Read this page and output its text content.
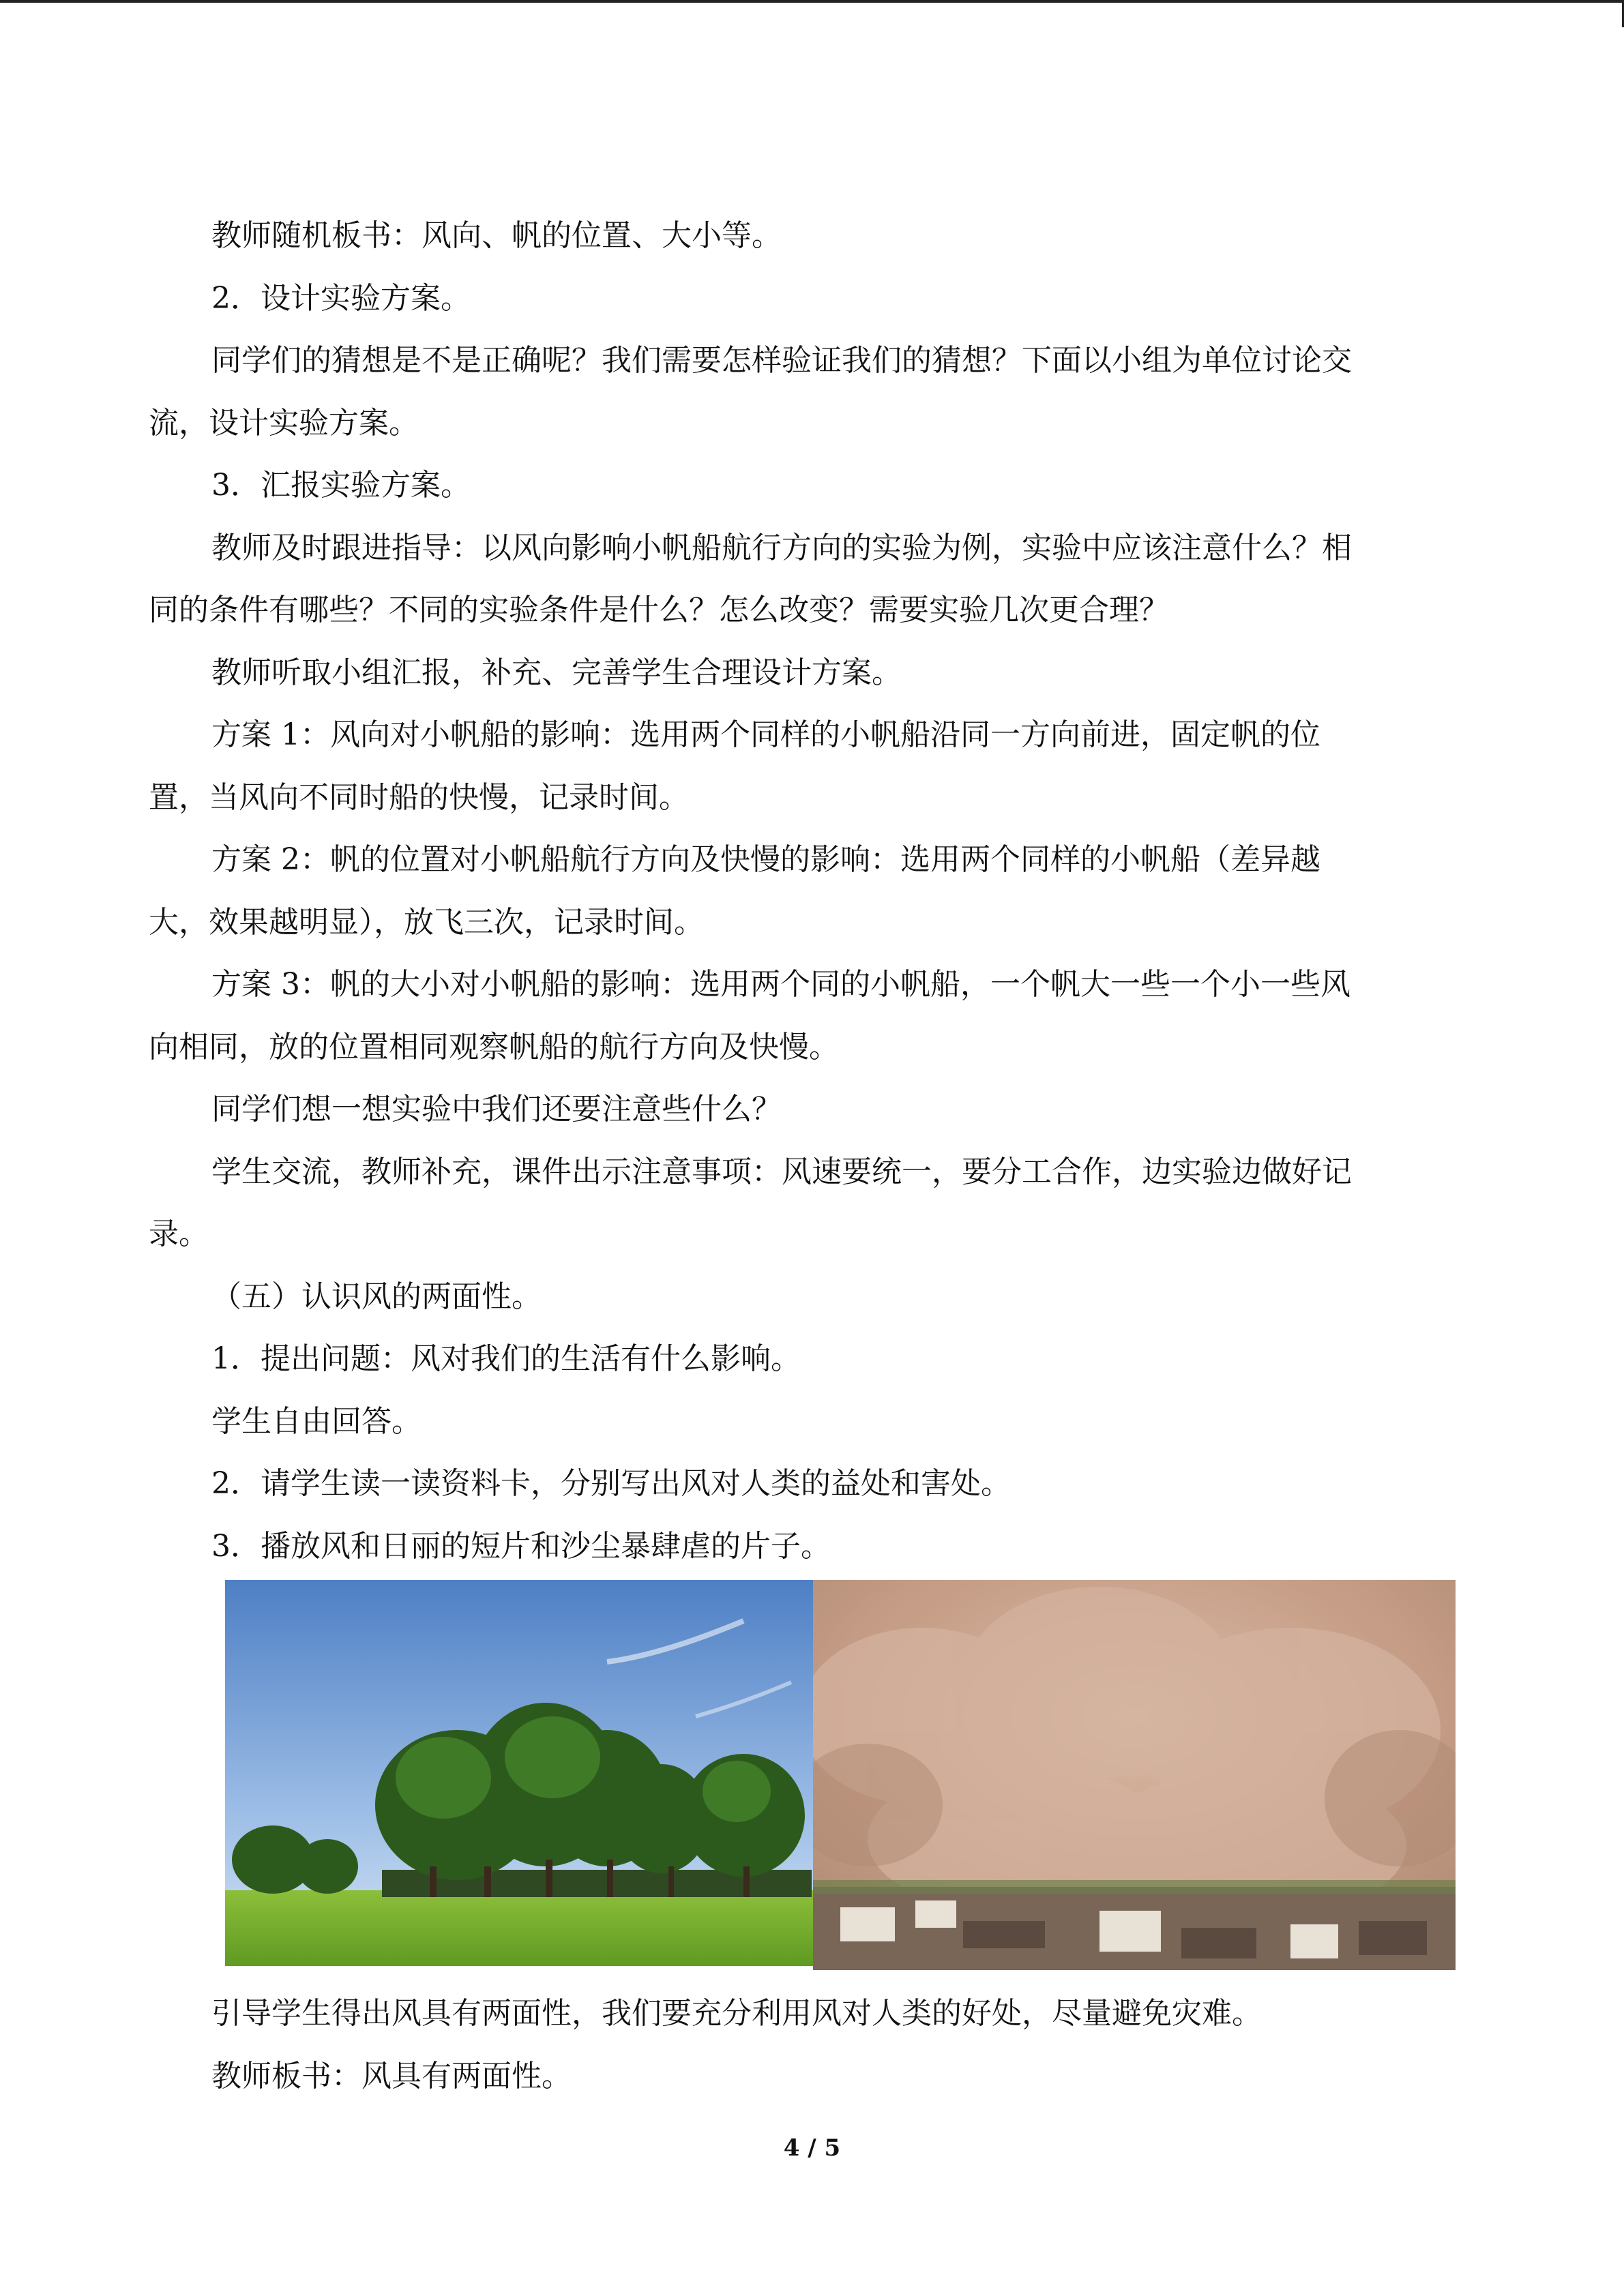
教师随机板书：风向、帆的位置、大小等。

2．设计实验方案。

同学们的猜想是不是正确呢？我们需要怎样验证我们的猜想？下面以小组为单位讨论交

流，设计实验方案。

3．汇报实验方案。

教师及时跟进指导：以风向影响小帆船航行方向的实验为例，实验中应该注意什么？相

同的条件有哪些？不同的实验条件是什么？怎么改变？需要实验几次更合理？

教师听取小组汇报，补充、完善学生合理设计方案。

方案 1：风向对小帆船的影响：选用两个同样的小帆船沿同一方向前进，固定帆的位

置，当风向不同时船的快慢，记录时间。

方案 2：帆的位置对小帆船航行方向及快慢的影响：选用两个同样的小帆船（差异越

大，效果越明显），放飞三次，记录时间。

方案 3：帆的大小对小帆船的影响：选用两个同的小帆船，一个帆大一些一个小一些风

向相同，放的位置相同观察帆船的航行方向及快慢。

同学们想一想实验中我们还要注意些什么？

学生交流，教师补充，课件出示注意事项：风速要统一，要分工合作，边实验边做好记

录。

（五）认识风的两面性。

1．提出问题：风对我们的生活有什么影响。

学生自由回答。

2．请学生读一读资料卡，分别写出风对人类的益处和害处。

3．播放风和日丽的短片和沙尘暴肆虐的片子。

引导学生得出风具有两面性，我们要充分利用风对人类的好处，尽量避免灾难。

教师板书：风具有两面性。

4 / 5
